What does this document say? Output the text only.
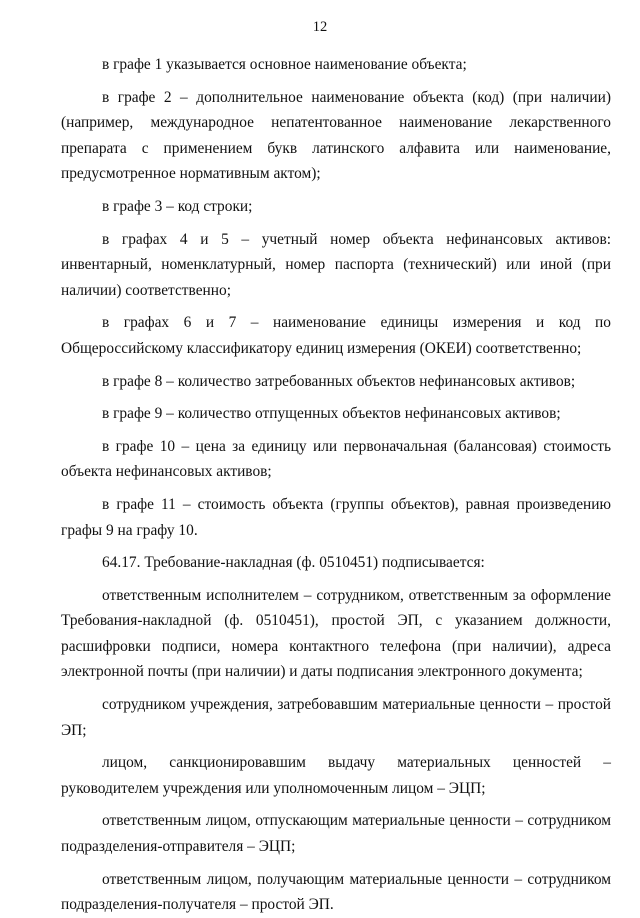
12

в графе 1 указывается основное наименование объекта;

в графе 2 – дополнительное наименование объекта (код) (при наличии) (например, международное непатентованное наименование лекарственного препарата с применением букв латинского алфавита или наименование, предусмотренное нормативным актом);

в графе 3 – код строки;

в графах 4 и 5 – учетный номер объекта нефинансовых активов: инвентарный, номенклатурный, номер паспорта (технический) или иной (при наличии) соответственно;

в графах 6 и 7 – наименование единицы измерения и код по Общероссийскому классификатору единиц измерения (ОКЕИ) соответственно;

в графе 8 – количество затребованных объектов нефинансовых активов;

в графе 9 – количество отпущенных объектов нефинансовых активов;

в графе 10 – цена за единицу или первоначальная (балансовая) стоимость объекта нефинансовых активов;

в графе 11 – стоимость объекта (группы объектов), равная произведению графы 9 на графу 10.

64.17. Требование-накладная (ф. 0510451) подписывается:

ответственным исполнителем – сотрудником, ответственным за оформление Требования-накладной (ф. 0510451), простой ЭП, с указанием должности, расшифровки подписи, номера контактного телефона (при наличии), адреса электронной почты (при наличии) и даты подписания электронного документа;

сотрудником учреждения, затребовавшим материальные ценности – простой ЭП;

лицом, санкционировавшим выдачу материальных ценностей – руководителем учреждения или уполномоченным лицом – ЭЦП;

ответственным лицом, отпускающим материальные ценности – сотрудником подразделения-отправителя – ЭЦП;

ответственным лицом, получающим материальные ценности – сотрудником подразделения-получателя – простой ЭП.
